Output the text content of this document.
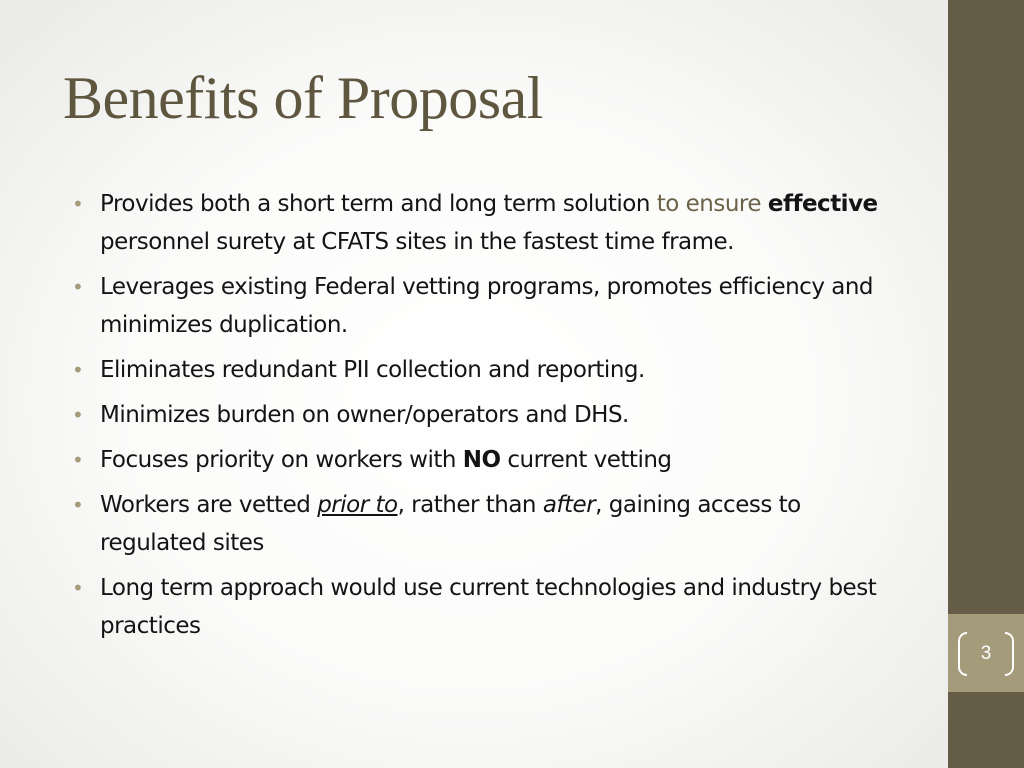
Benefits of Proposal
• Provides both a short term and long term solution to ensure effective personnel surety at CFATS sites in the fastest time frame.
• Leverages existing Federal vetting programs, promotes efficiency and minimizes duplication.
• Eliminates redundant PII collection and reporting.
• Minimizes burden on owner/operators and DHS.
• Focuses priority on workers with NO current vetting
• Workers are vetted prior to, rather than after, gaining access to regulated sites
• Long term approach would use current technologies and industry best practices
3
